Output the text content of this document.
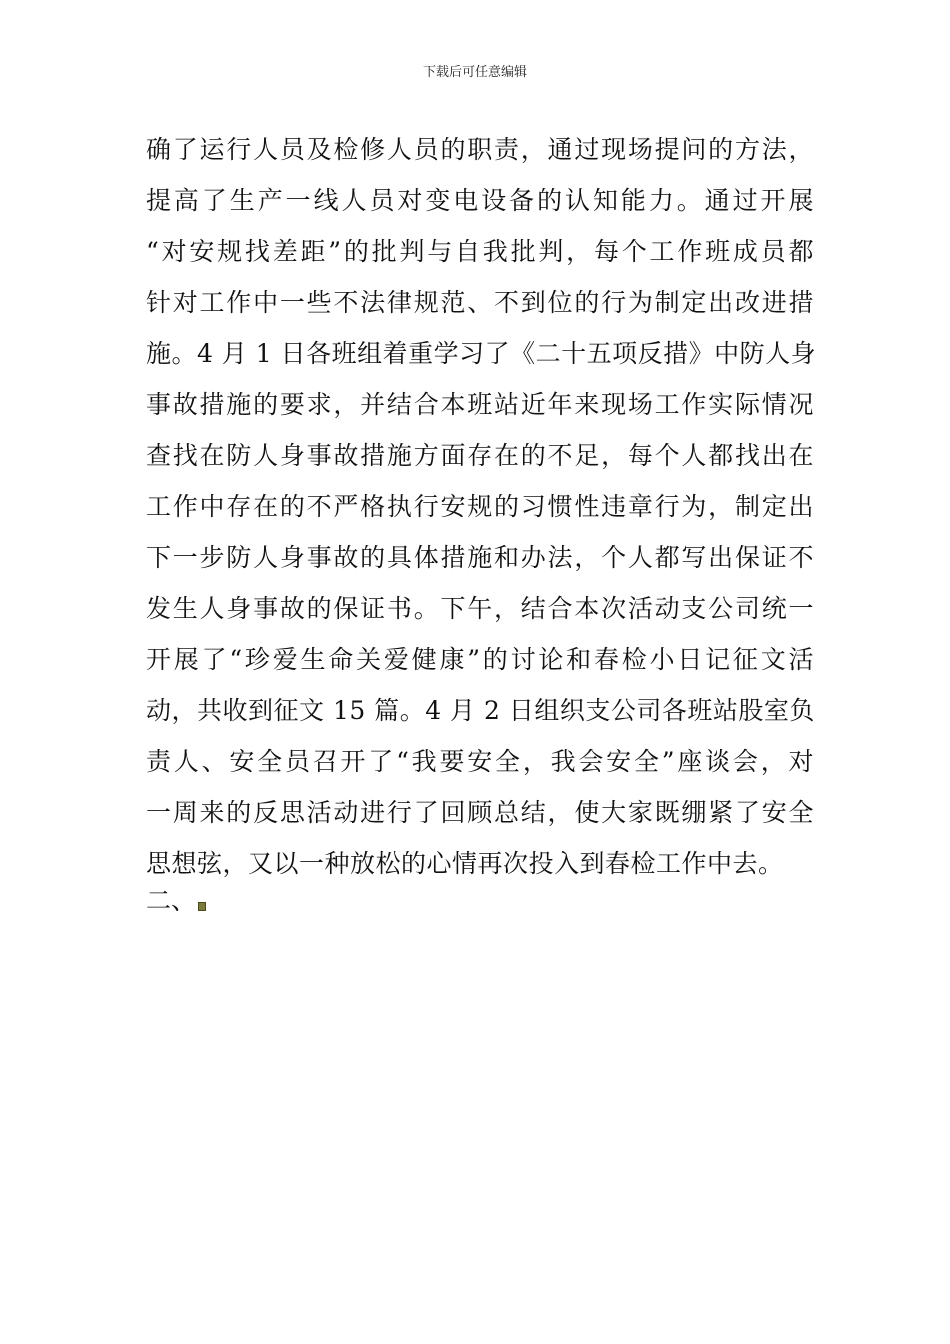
下载后可任意编辑
确了运行人员及检修人员的职责，通过现场提问的方法，
提高了生产一线人员对变电设备的认知能力。通过开展
“对安规找差距”的批判与自我批判，每个工作班成员都
针对工作中一些不法律规范、不到位的行为制定出改进措
施。4 月 1 日各班组着重学习了《二十五项反措》中防人身
事故措施的要求，并结合本班站近年来现场工作实际情况
查找在防人身事故措施方面存在的不足，每个人都找出在
工作中存在的不严格执行安规的习惯性违章行为，制定出
下一步防人身事故的具体措施和办法，个人都写出保证不
发生人身事故的保证书。下午，结合本次活动支公司统一
开展了“珍爱生命关爱健康”的讨论和春检小日记征文活
动，共收到征文 15 篇。4 月 2 日组织支公司各班站股室负
责人、安全员召开了“我要安全，我会安全”座谈会，对
一周来的反思活动进行了回顾总结，使大家既绷紧了安全
思想弦，又以一种放松的心情再次投入到春检工作中去。
二、
